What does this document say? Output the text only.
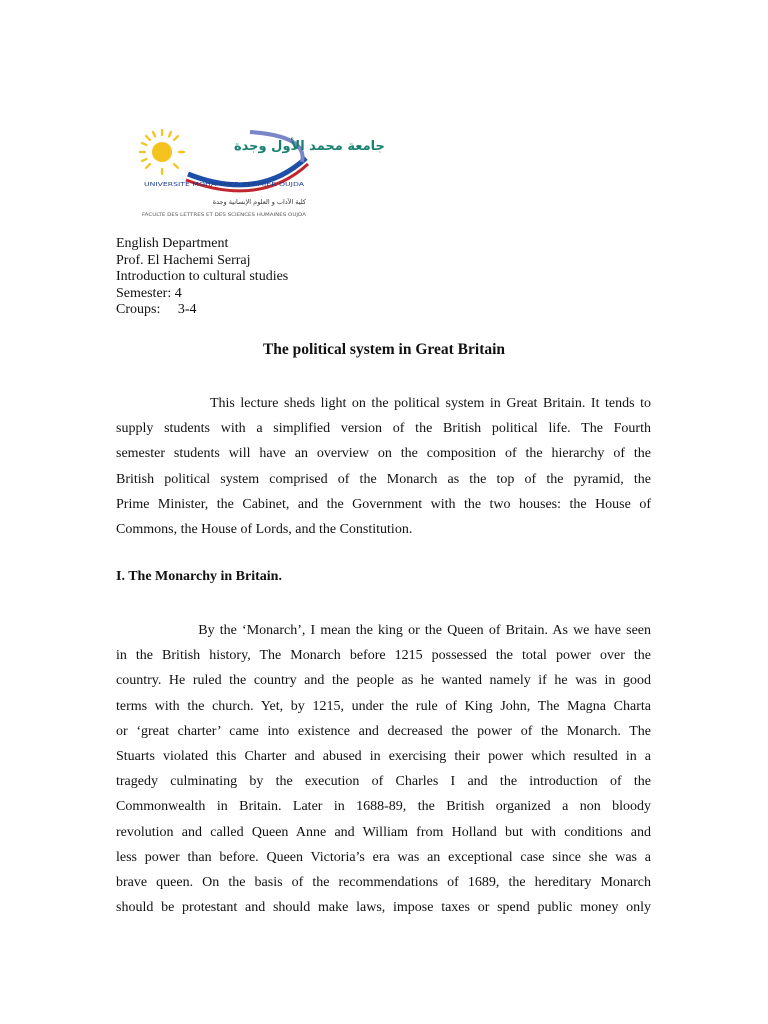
جامعة محمد الأول وجدة
UNIVERSITE MOHAMMED PREMIER OUJDA
كلية الآداب و العلوم الإنسانية وجدة
FACULTE DES LETTRES ET DES SCIENCES HUMAINES OUJDA
English Department
Prof. El Hachemi Serraj
Introduction to cultural studies
Semester: 4
Croups:     3-4
The political system in Great Britain
This lecture sheds light on the political system in Great Britain. It tends to
supply students with a simplified version of the British political life. The Fourth
semester students will have an overview on the composition of the hierarchy of the
British political system comprised of the Monarch as the top of the pyramid, the
Prime Minister, the Cabinet, and the Government with the two houses: the House of
Commons, the House of Lords, and the Constitution.
I. The Monarchy in Britain.
By the ‘Monarch’, I mean the king or the Queen of Britain. As we have seen
in the British history, The Monarch before 1215 possessed the total power over the
country. He ruled the country and the people as he wanted namely if he was in good
terms with the church. Yet, by 1215, under the rule of King John, The Magna Charta
or ‘great charter’ came into existence and decreased the power of the Monarch. The
Stuarts violated this Charter and abused in exercising their power which resulted in a
tragedy culminating by the execution of Charles I and the introduction of the
Commonwealth in Britain. Later in 1688-89, the British organized a non bloody
revolution and called Queen Anne and William from Holland but with conditions and
less power than before. Queen Victoria’s era was an exceptional case since she was a
brave queen. On the basis of the recommendations of 1689, the hereditary Monarch
should be protestant and should make laws, impose taxes or spend public money only
